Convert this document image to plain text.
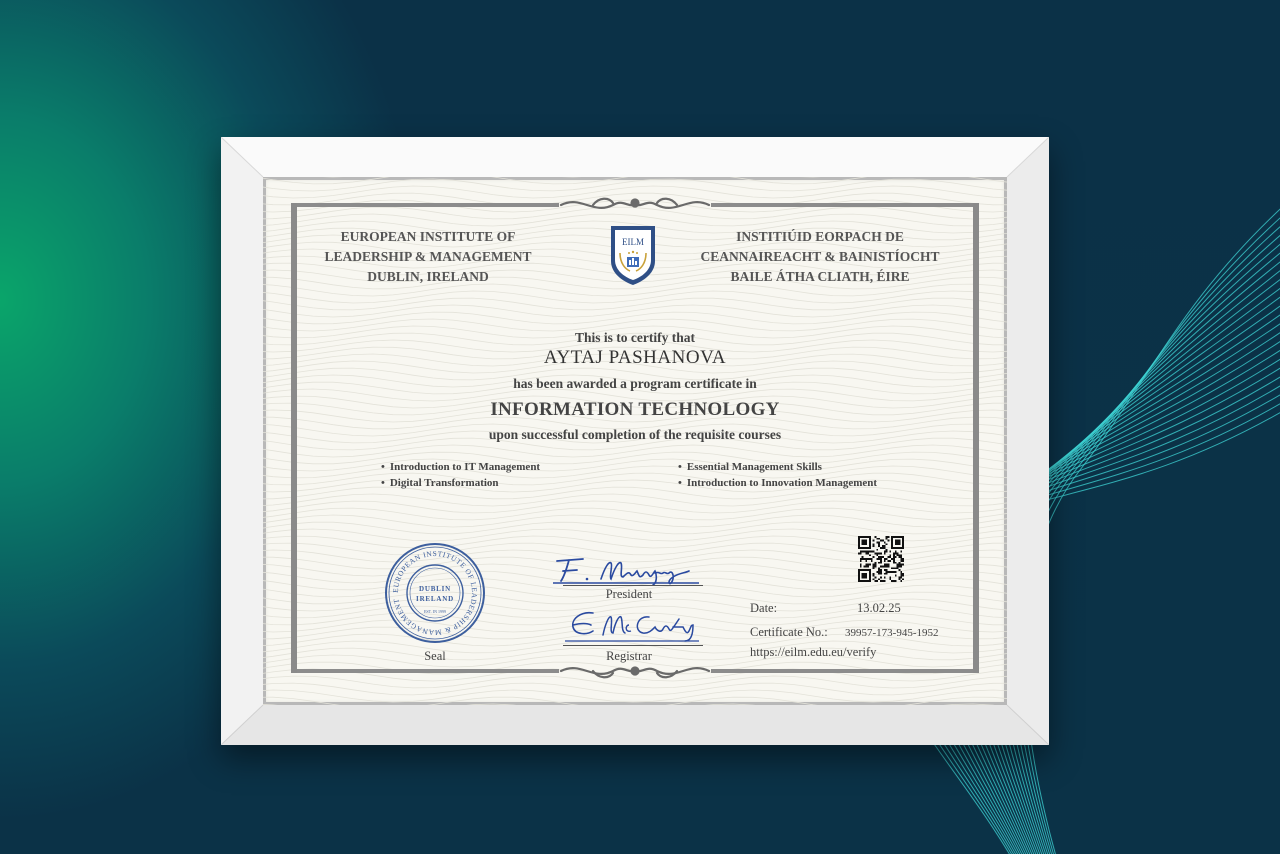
EUROPEAN INSTITUTE OF
LEADERSHIP & MANAGEMENT
DUBLIN, IRELAND
EILM	INSTITIÚID EORPACH DE
CEANNAIREACHT & BAINISTÍOCHT
BAILE ÁTHA CLIATH, ÉIRE
This is to certify that
AYTAJ PASHANOVA
has been awarded a program certificate in
INFORMATION TECHNOLOGY
upon successful completion of the requisite courses
• Introduction to IT Management
• Digital Transformation
• Essential Management Skills
• Introduction to Innovation Management
EUROPEAN INSTITUTE OF LEADERSHIP & MANAGEMENT
DUBLIN
IRELAND
EST. IN 1999
Seal
President
Registrar
Date:	13.02.25
Certificate No.: 39957-173-945-1952
https://eilm.edu.eu/verify
